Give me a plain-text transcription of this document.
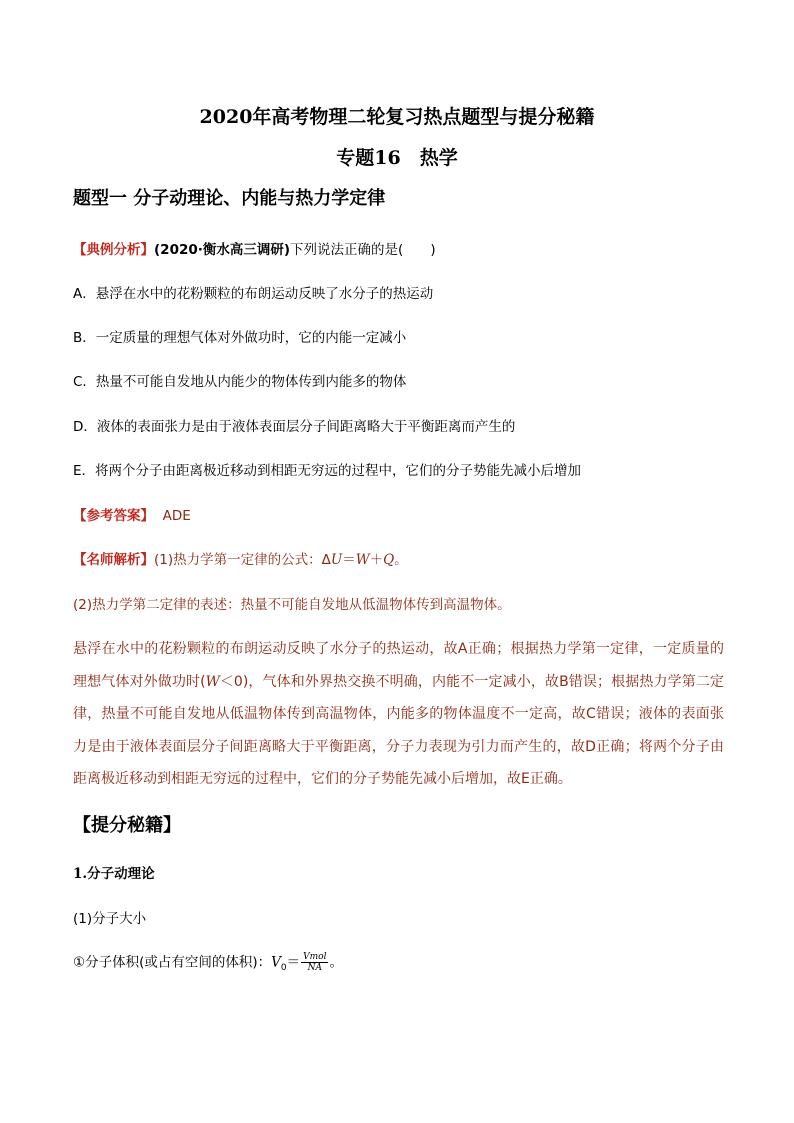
2020年高考物理二轮复习热点题型与提分秘籍
专题16　热学
题型一 分子动理论、内能与热力学定律
【典例分析】(2020·衡水高三调研)下列说法正确的是(　　)
A．悬浮在水中的花粉颗粒的布朗运动反映了水分子的热运动
B．一定质量的理想气体对外做功时，它的内能一定减小
C．热量不可能自发地从内能少的物体传到内能多的物体
D．液体的表面张力是由于液体表面层分子间距离略大于平衡距离而产生的
E．将两个分子由距离极近移动到相距无穷远的过程中，它们的分子势能先减小后增加
【参考答案】 ADE
【名师解析】(1)热力学第一定律的公式：ΔU＝W＋Q。
(2)热力学第二定律的表述：热量不可能自发地从低温物体传到高温物体。
悬浮在水中的花粉颗粒的布朗运动反映了水分子的热运动，故A正确；根据热力学第一定律，一定质量的理想气体对外做功时(W＜0)，气体和外界热交换不明确，内能不一定减小，故B错误；根据热力学第二定律，热量不可能自发地从低温物体传到高温物体，内能多的物体温度不一定高，故C错误；液体的表面张力是由于液体表面层分子间距离略大于平衡距离，分子力表现为引力而产生的，故D正确；将两个分子由距离极近移动到相距无穷远的过程中，它们的分子势能先减小后增加，故E正确。
【提分秘籍】
1.分子动理论
(1)分子大小
①分子体积(或占有空间的体积)：$V_0= \frac{\text{Vmol}}{NA}$ 。
